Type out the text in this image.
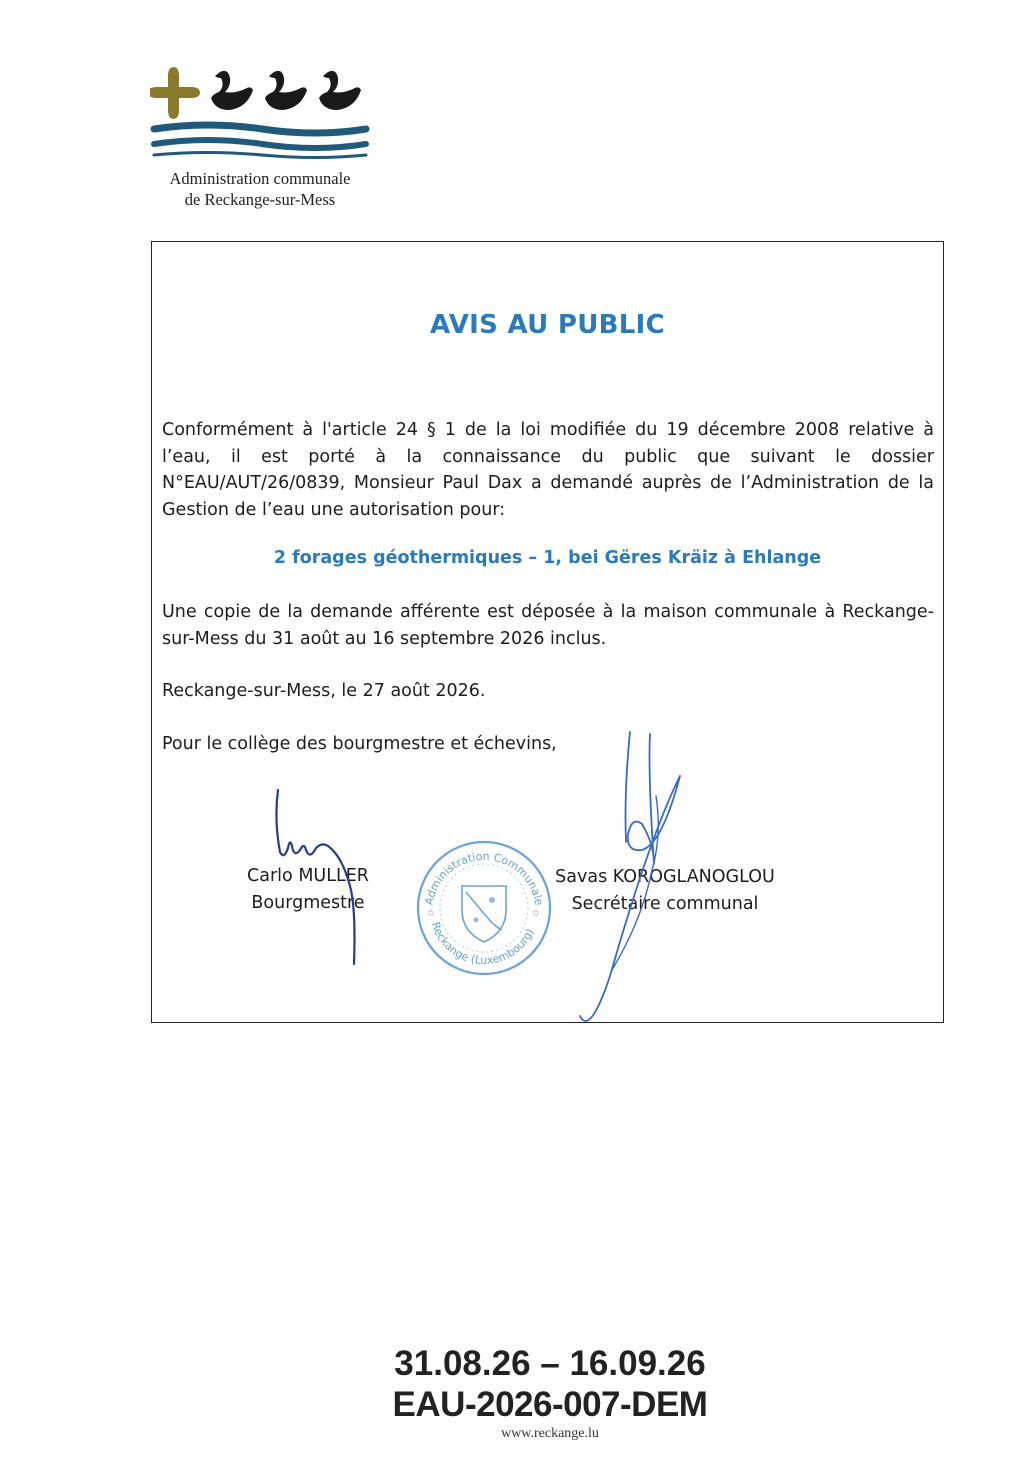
Administration communale
de Reckange-sur-Mess
AVIS AU PUBLIC

Conformément à l'article 24 § 1 de la loi modifiée du 19 décembre 2008 relative à l’eau, il est porté à la connaissance du public que suivant le dossier N°EAU/AUT/26/0839, Monsieur Paul Dax a demandé auprès de l’Administration de la Gestion de l’eau une autorisation pour:

2 forages géothermiques – 1, bei Gëres Kräiz à Ehlange

Une copie de la demande afférente est déposée à la maison communale à Reckange-sur-Mess du 31 août au 16 septembre 2026 inclus.

Reckange-sur-Mess, le 27 août 2026.

Pour le collège des bourgmestre et échevins,

Carlo MULLER
Bourgmestre
Savas KOROGLANOGLOU
Secrétaire communal
Administration Communale
Reckange (Luxembourg)
✩	✩
31.08.26 – 16.09.26
EAU-2026-007-DEM
www.reckange.lu
